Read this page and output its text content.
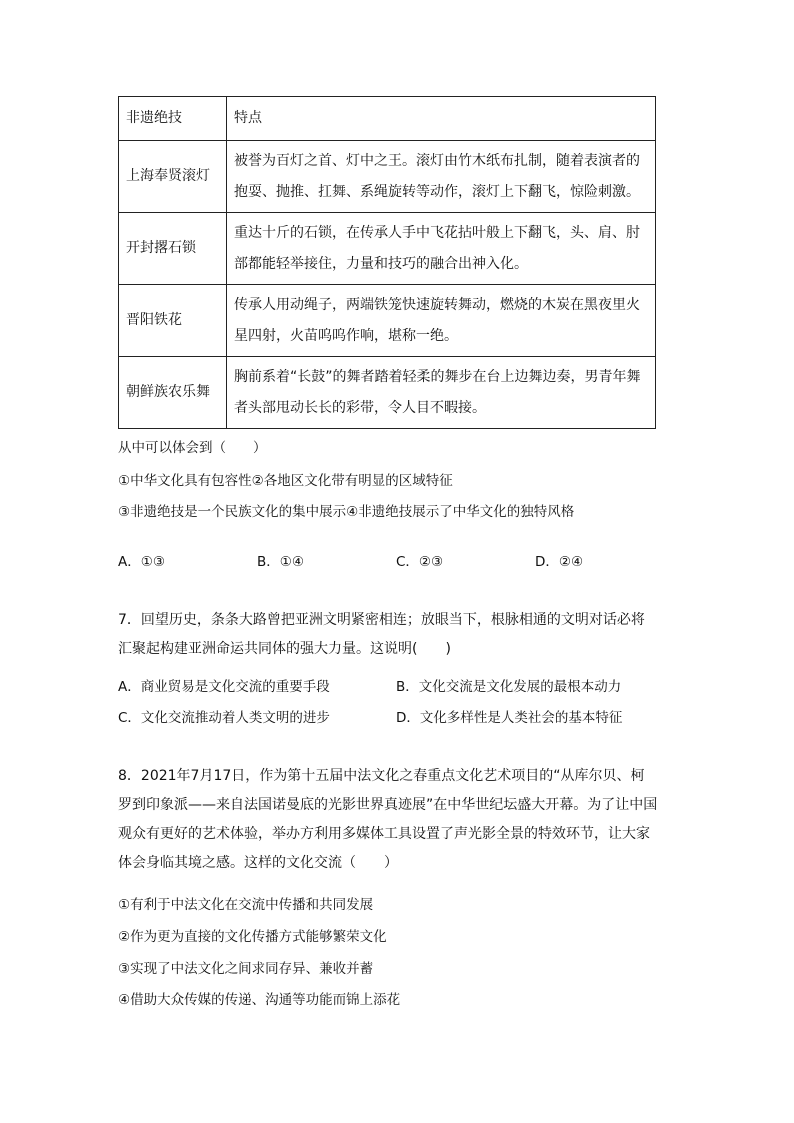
非遗绝技	特点
上海奉贤滚灯	被誉为百灯之首、灯中之王。滚灯由竹木纸布扎制，随着表演者的抱耍、抛推、扛舞、系绳旋转等动作，滚灯上下翻飞，惊险刺激。
开封撂石锁	重达十斤的石锁，在传承人手中飞花拈叶般上下翻飞，头、肩、肘部都能轻举接住，力量和技巧的融合出神入化。
晋阳铁花	传承人用动绳子，两端铁笼快速旋转舞动，燃烧的木炭在黑夜里火星四射，火苗呜呜作响，堪称一绝。
朝鲜族农乐舞	胸前系着“长鼓”的舞者踏着轻柔的舞步在台上边舞边奏，男青年舞者头部甩动长长的彩带，令人目不暇接。
从中可以体会到（　　）
①中华文化具有包容性②各地区文化带有明显的区域特征
③非遗绝技是一个民族文化的集中展示④非遗绝技展示了中华文化的独特风格
A．①③	B．①④	C．②③	D．②④
7．回望历史，条条大路曾把亚洲文明紧密相连；放眼当下，根脉相通的文明对话必将汇聚起构建亚洲命运共同体的强大力量。这说明(　　)
A．商业贸易是文化交流的重要手段	B．文化交流是文化发展的最根本动力
C．文化交流推动着人类文明的进步	D．文化多样性是人类社会的基本特征
8．2021年7月17日，作为第十五届中法文化之春重点文化艺术项目的“从库尔贝、柯罗到印象派——来自法国诺曼底的光影世界真迹展”在中华世纪坛盛大开幕。为了让中国观众有更好的艺术体验，举办方利用多媒体工具设置了声光影全景的特效环节，让大家体会身临其境之感。这样的文化交流（　　）
①有利于中法文化在交流中传播和共同发展
②作为更为直接的文化传播方式能够繁荣文化
③实现了中法文化之间求同存异、兼收并蓄
④借助大众传媒的传递、沟通等功能而锦上添花
